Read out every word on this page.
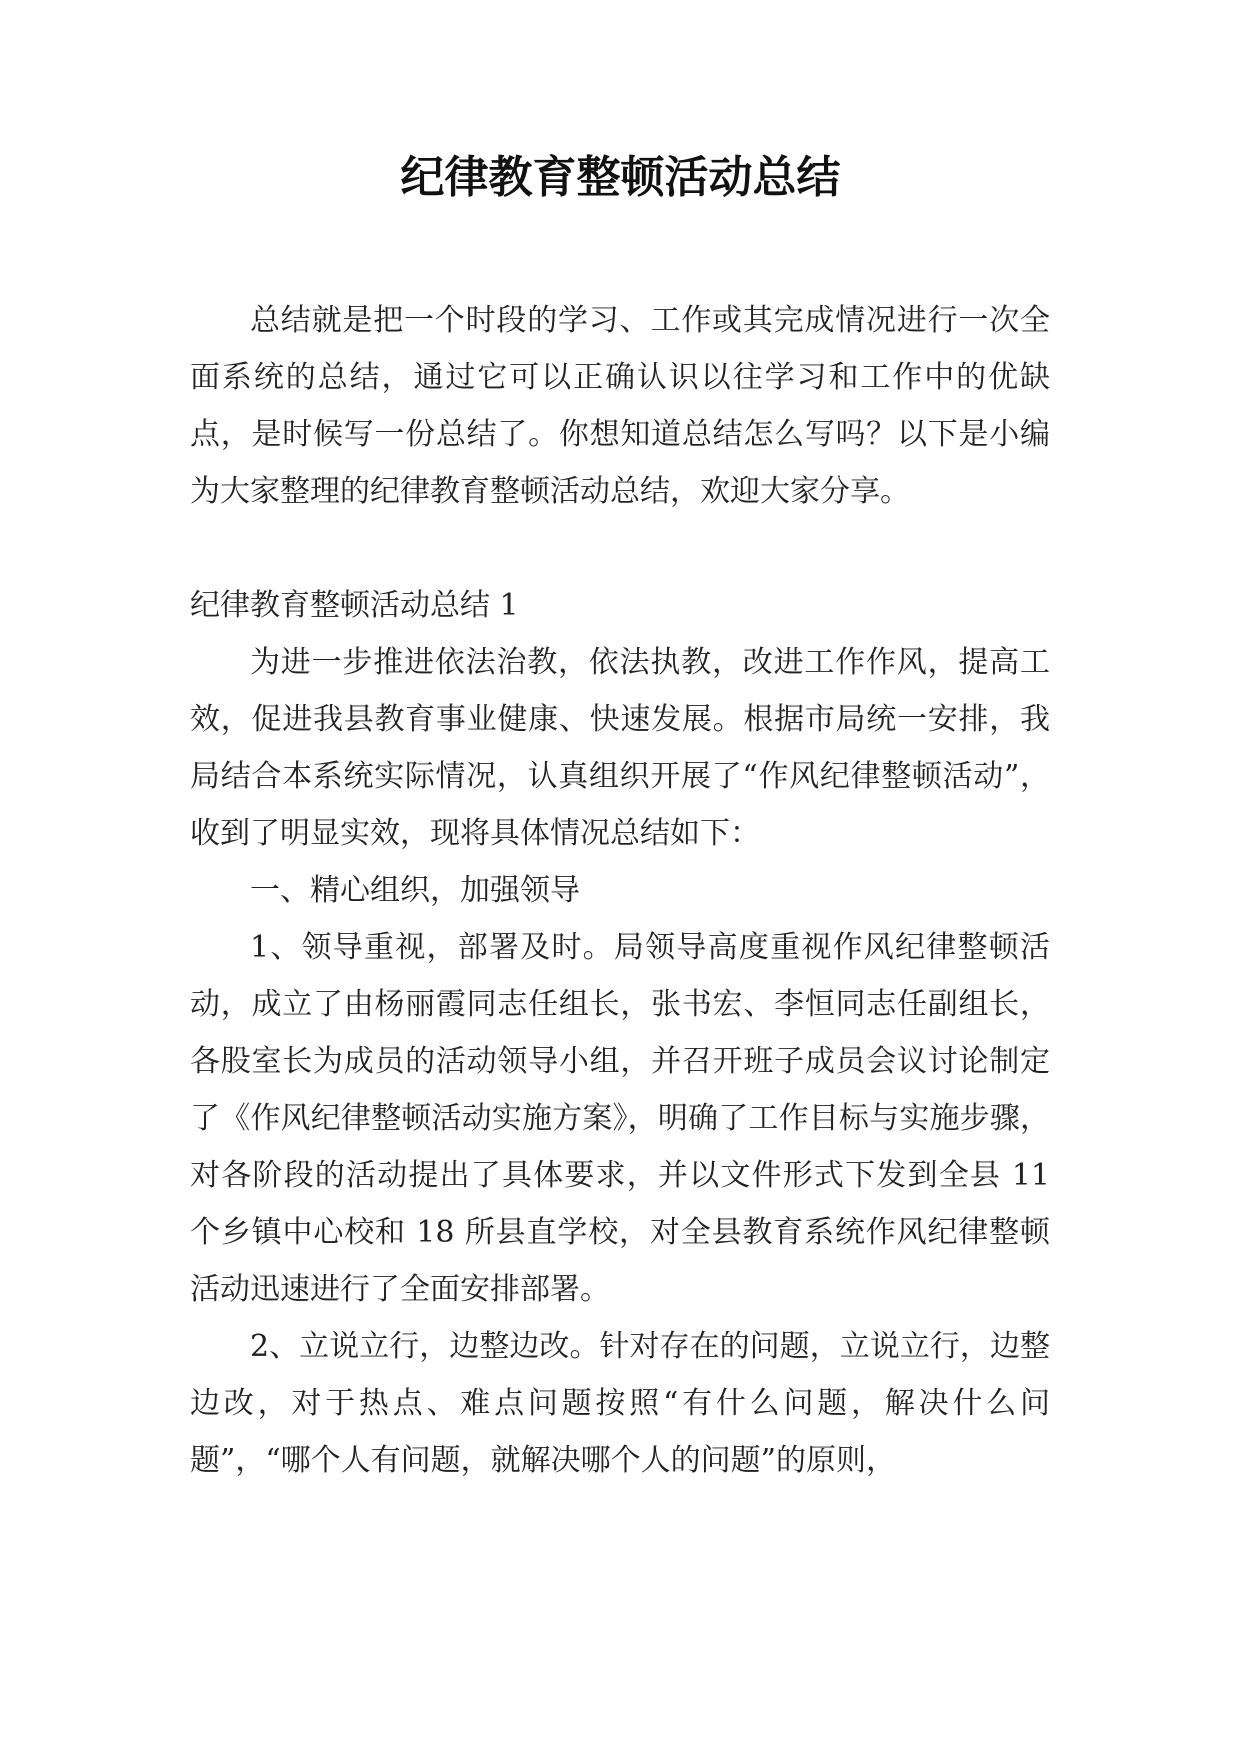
纪律教育整顿活动总结

总结就是把一个时段的学习、工作或其完成情况进行一次全面系统的总结，通过它可以正确认识以往学习和工作中的优缺点，是时候写一份总结了。你想知道总结怎么写吗？以下是小编为大家整理的纪律教育整顿活动总结，欢迎大家分享。

纪律教育整顿活动总结 1

为进一步推进依法治教，依法执教，改进工作作风，提高工效，促进我县教育事业健康、快速发展。根据市局统一安排，我局结合本系统实际情况，认真组织开展了“作风纪律整顿活动”，收到了明显实效，现将具体情况总结如下：

一、精心组织，加强领导

1、领导重视，部署及时。局领导高度重视作风纪律整顿活动，成立了由杨丽霞同志任组长，张书宏、李恒同志任副组长，各股室长为成员的活动领导小组，并召开班子成员会议讨论制定了《作风纪律整顿活动实施方案》，明确了工作目标与实施步骤，对各阶段的活动提出了具体要求，并以文件形式下发到全县 11 个乡镇中心校和 18 所县直学校，对全县教育系统作风纪律整顿活动迅速进行了全面安排部署。

2、立说立行，边整边改。针对存在的问题，立说立行，边整边改，对于热点、难点问题按照“有什么问题，解决什么问题”，“哪个人有问题，就解决哪个人的问题”的原则，
